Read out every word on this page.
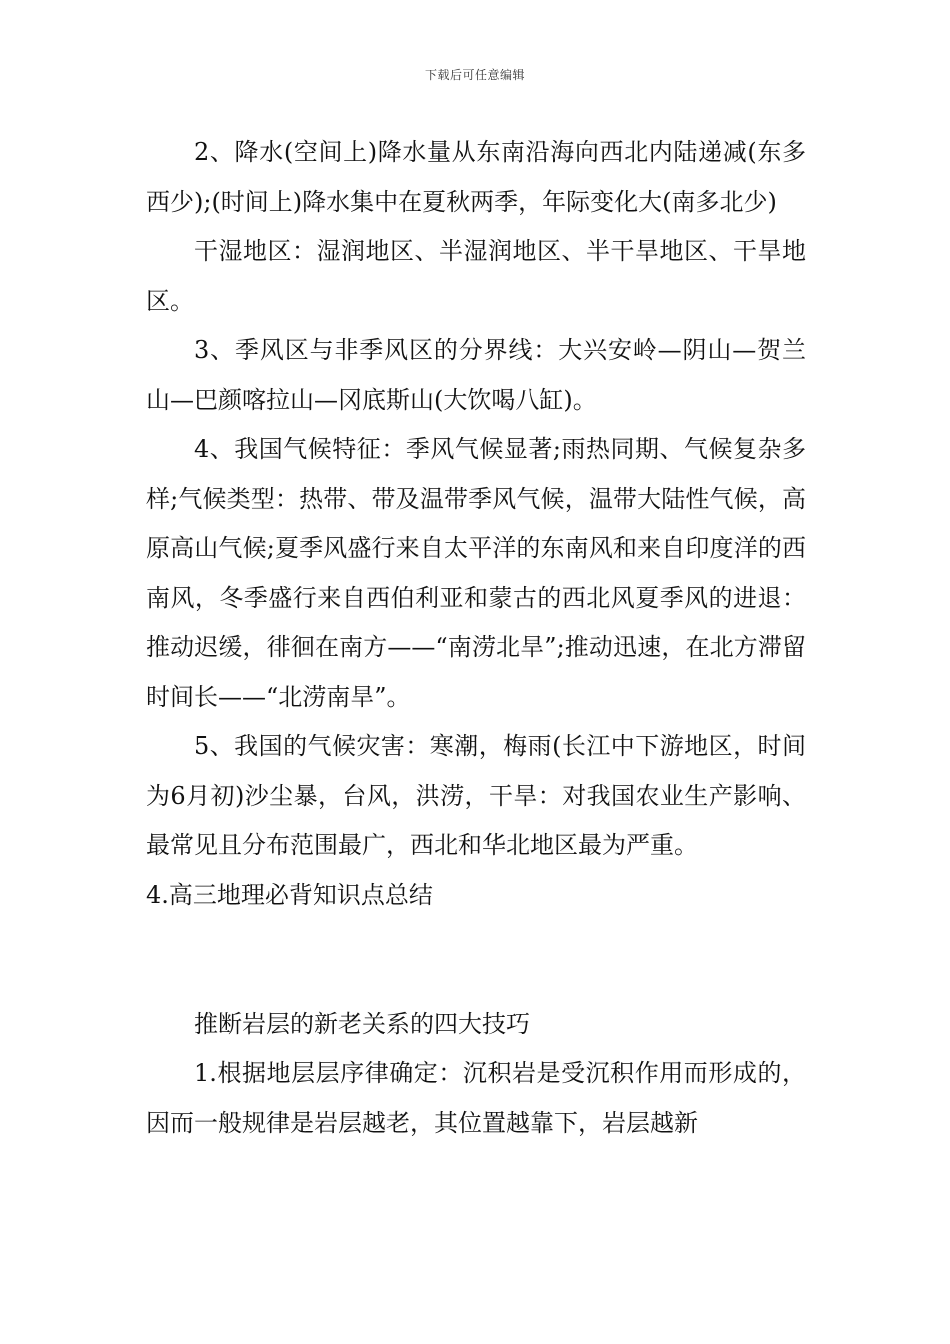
下载后可任意编辑

2、降水(空间上)降水量从东南沿海向西北内陆递减(东多西少);(时间上)降水集中在夏秋两季，年际变化大(南多北少)

干湿地区：湿润地区、半湿润地区、半干旱地区、干旱地区。

3、季风区与非季风区的分界线：大兴安岭—阴山—贺兰山—巴颜喀拉山—冈底斯山(大饮喝八缸)。

4、我国气候特征：季风气候显著;雨热同期、气候复杂多样;气候类型：热带、带及温带季风气候，温带大陆性气候，高原高山气候;夏季风盛行来自太平洋的东南风和来自印度洋的西南风，冬季盛行来自西伯利亚和蒙古的西北风夏季风的进退：推动迟缓，徘徊在南方——“南涝北旱”;推动迅速，在北方滞留时间长——“北涝南旱”。

5、我国的气候灾害：寒潮，梅雨(长江中下游地区，时间为6月初)沙尘暴，台风，洪涝，干旱：对我国农业生产影响、最常见且分布范围最广，西北和华北地区最为严重。

4.高三地理必背知识点总结

推断岩层的新老关系的四大技巧

1.根据地层层序律确定：沉积岩是受沉积作用而形成的，因而一般规律是岩层越老，其位置越靠下，岩层越新
